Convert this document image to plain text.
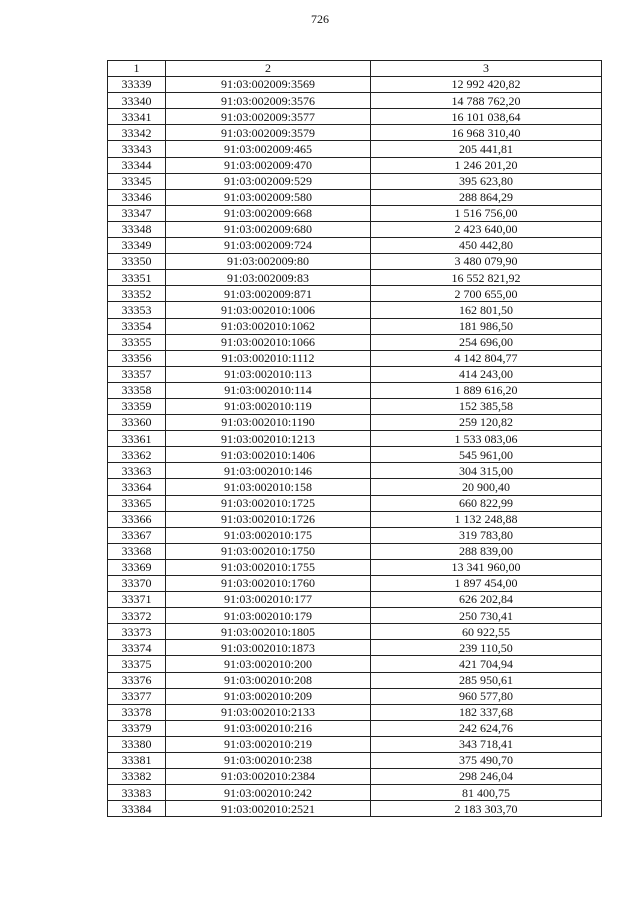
726
1	2	3
33339	91:03:002009:3569	12 992 420,82
33340	91:03:002009:3576	14 788 762,20
33341	91:03:002009:3577	16 101 038,64
33342	91:03:002009:3579	16 968 310,40
33343	91:03:002009:465	205 441,81
33344	91:03:002009:470	1 246 201,20
33345	91:03:002009:529	395 623,80
33346	91:03:002009:580	288 864,29
33347	91:03:002009:668	1 516 756,00
33348	91:03:002009:680	2 423 640,00
33349	91:03:002009:724	450 442,80
33350	91:03:002009:80	3 480 079,90
33351	91:03:002009:83	16 552 821,92
33352	91:03:002009:871	2 700 655,00
33353	91:03:002010:1006	162 801,50
33354	91:03:002010:1062	181 986,50
33355	91:03:002010:1066	254 696,00
33356	91:03:002010:1112	4 142 804,77
33357	91:03:002010:113	414 243,00
33358	91:03:002010:114	1 889 616,20
33359	91:03:002010:119	152 385,58
33360	91:03:002010:1190	259 120,82
33361	91:03:002010:1213	1 533 083,06
33362	91:03:002010:1406	545 961,00
33363	91:03:002010:146	304 315,00
33364	91:03:002010:158	20 900,40
33365	91:03:002010:1725	660 822,99
33366	91:03:002010:1726	1 132 248,88
33367	91:03:002010:175	319 783,80
33368	91:03:002010:1750	288 839,00
33369	91:03:002010:1755	13 341 960,00
33370	91:03:002010:1760	1 897 454,00
33371	91:03:002010:177	626 202,84
33372	91:03:002010:179	250 730,41
33373	91:03:002010:1805	60 922,55
33374	91:03:002010:1873	239 110,50
33375	91:03:002010:200	421 704,94
33376	91:03:002010:208	285 950,61
33377	91:03:002010:209	960 577,80
33378	91:03:002010:2133	182 337,68
33379	91:03:002010:216	242 624,76
33380	91:03:002010:219	343 718,41
33381	91:03:002010:238	375 490,70
33382	91:03:002010:2384	298 246,04
33383	91:03:002010:242	81 400,75
33384	91:03:002010:2521	2 183 303,70
